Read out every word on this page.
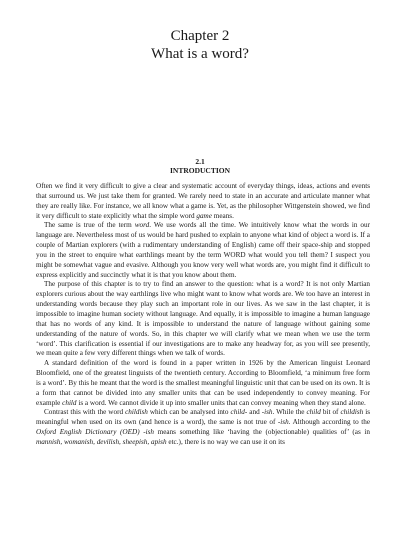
Chapter 2
What is a word?
2.1
INTRODUCTION

Often we find it very difficult to give a clear and systematic account of everyday things, ideas, actions and events that surround us. We just take them for granted. We rarely need to state in an accurate and articulate manner what they are really like. For instance, we all know what a game is. Yet, as the philosopher Wittgenstein showed, we find it very difficult to state explicitly what the simple word game means.

The same is true of the term word. We use words all the time. We intuitively know what the words in our language are. Nevertheless most of us would be hard pushed to explain to anyone what kind of object a word is. If a couple of Martian explorers (with a rudimentary understanding of English) came off their space-ship and stopped you in the street to enquire what earthlings meant by the term WORD what would you tell them? I suspect you might be somewhat vague and evasive. Although you know very well what words are, you might find it difficult to express explicitly and succinctly what it is that you know about them.

The purpose of this chapter is to try to find an answer to the question: what is a word? It is not only Martian explorers curious about the way earthlings live who might want to know what words are. We too have an interest in understanding words because they play such an important role in our lives. As we saw in the last chapter, it is impossible to imagine human society without language. And equally, it is impossible to imagine a human language that has no words of any kind. It is impossible to understand the nature of language without gaining some understanding of the nature of words. So, in this chapter we will clarify what we mean when we use the term ‘word’. This clarification is essential if our investigations are to make any headway for, as you will see presently, we mean quite a few very different things when we talk of words.

A standard definition of the word is found in a paper written in 1926 by the American linguist Leonard Bloomfield, one of the greatest linguists of the twentieth century. According to Bloomfield, ‘a minimum free form is a word’. By this he meant that the word is the smallest meaningful linguistic unit that can be used on its own. It is a form that cannot be divided into any smaller units that can be used independently to convey meaning. For example child is a word. We cannot divide it up into smaller units that can convey meaning when they stand alone.

Contrast this with the word childish which can be analysed into child- and -ish. While the child bit of childish is meaningful when used on its own (and hence is a word), the same is not true of -ish. Although according to the Oxford English Dictionary (OED) -ish means something like ‘having the (objectionable) qualities of’ (as in mannish, womanish, devilish, sheepish, apish etc.), there is no way we can use it on its
